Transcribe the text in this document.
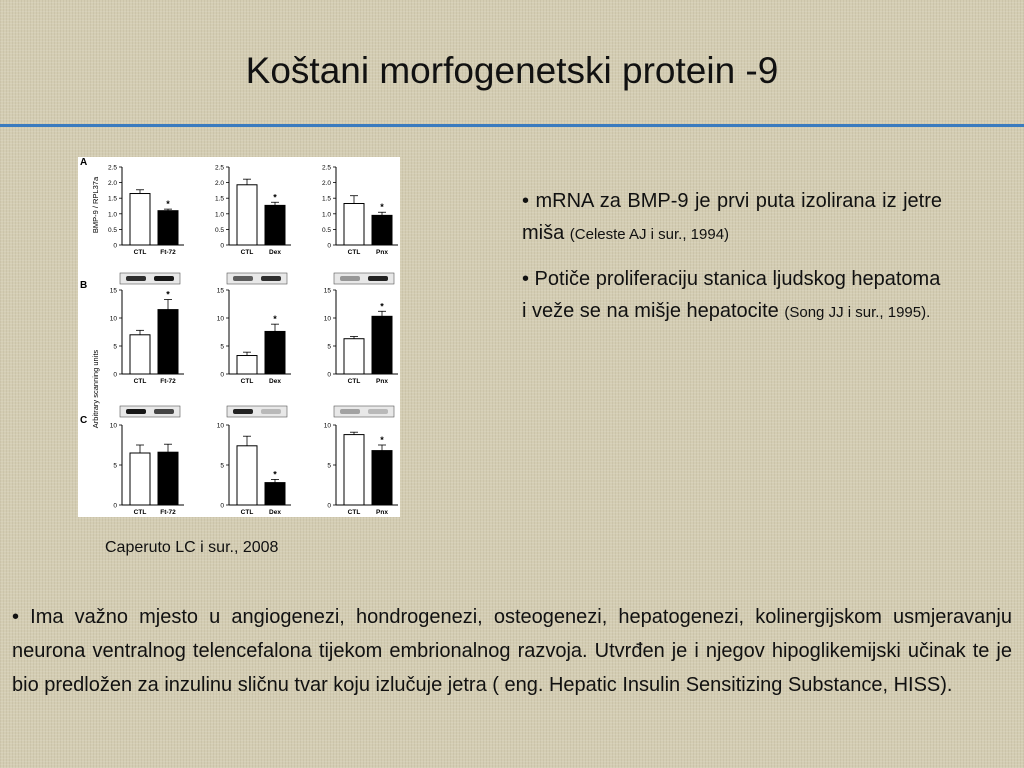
Koštani morfogenetski protein -9
A
0
0.5
1.0
1.5
2.0
2.5
CTL Ft-72
*
0
0.5
1.0
1.5
2.0
2.5
CTL Dex
*
0
0.5
1.0
1.5
2.0
2.5
CTL Pnx
*
B
0
5
10
15
CTL Ft-72
*
0
5
10
15
CTL Dex
*
0
5
10
15
CTL Pnx
*
C
0
5
10
CTL Ft-72
0
5
10
CTL Dex
*
0
5
10
CTL Pnx
*
BMP-9 / RPL37a
Arbitrary scanning units
Caperuto LC i sur., 2008

• mRNA za BMP-9 je prvi puta izolirana iz jetre miša (Celeste AJ i sur., 1994)

• Potiče proliferaciju stanica ljudskog hepatoma i veže se na mišje hepatocite (Song JJ i sur., 1995).

• Ima važno mjesto u angiogenezi, hondrogenezi, osteogenezi, hepatogenezi, kolinergijskom usmjeravanju neurona ventralnog telencefalona tijekom embrionalnog razvoja. Utvrđen je i njegov hipoglikemijski učinak te je bio predložen za inzulinu sličnu tvar koju izlučuje jetra ( eng. Hepatic Insulin Sensitizing Substance, HISS).
